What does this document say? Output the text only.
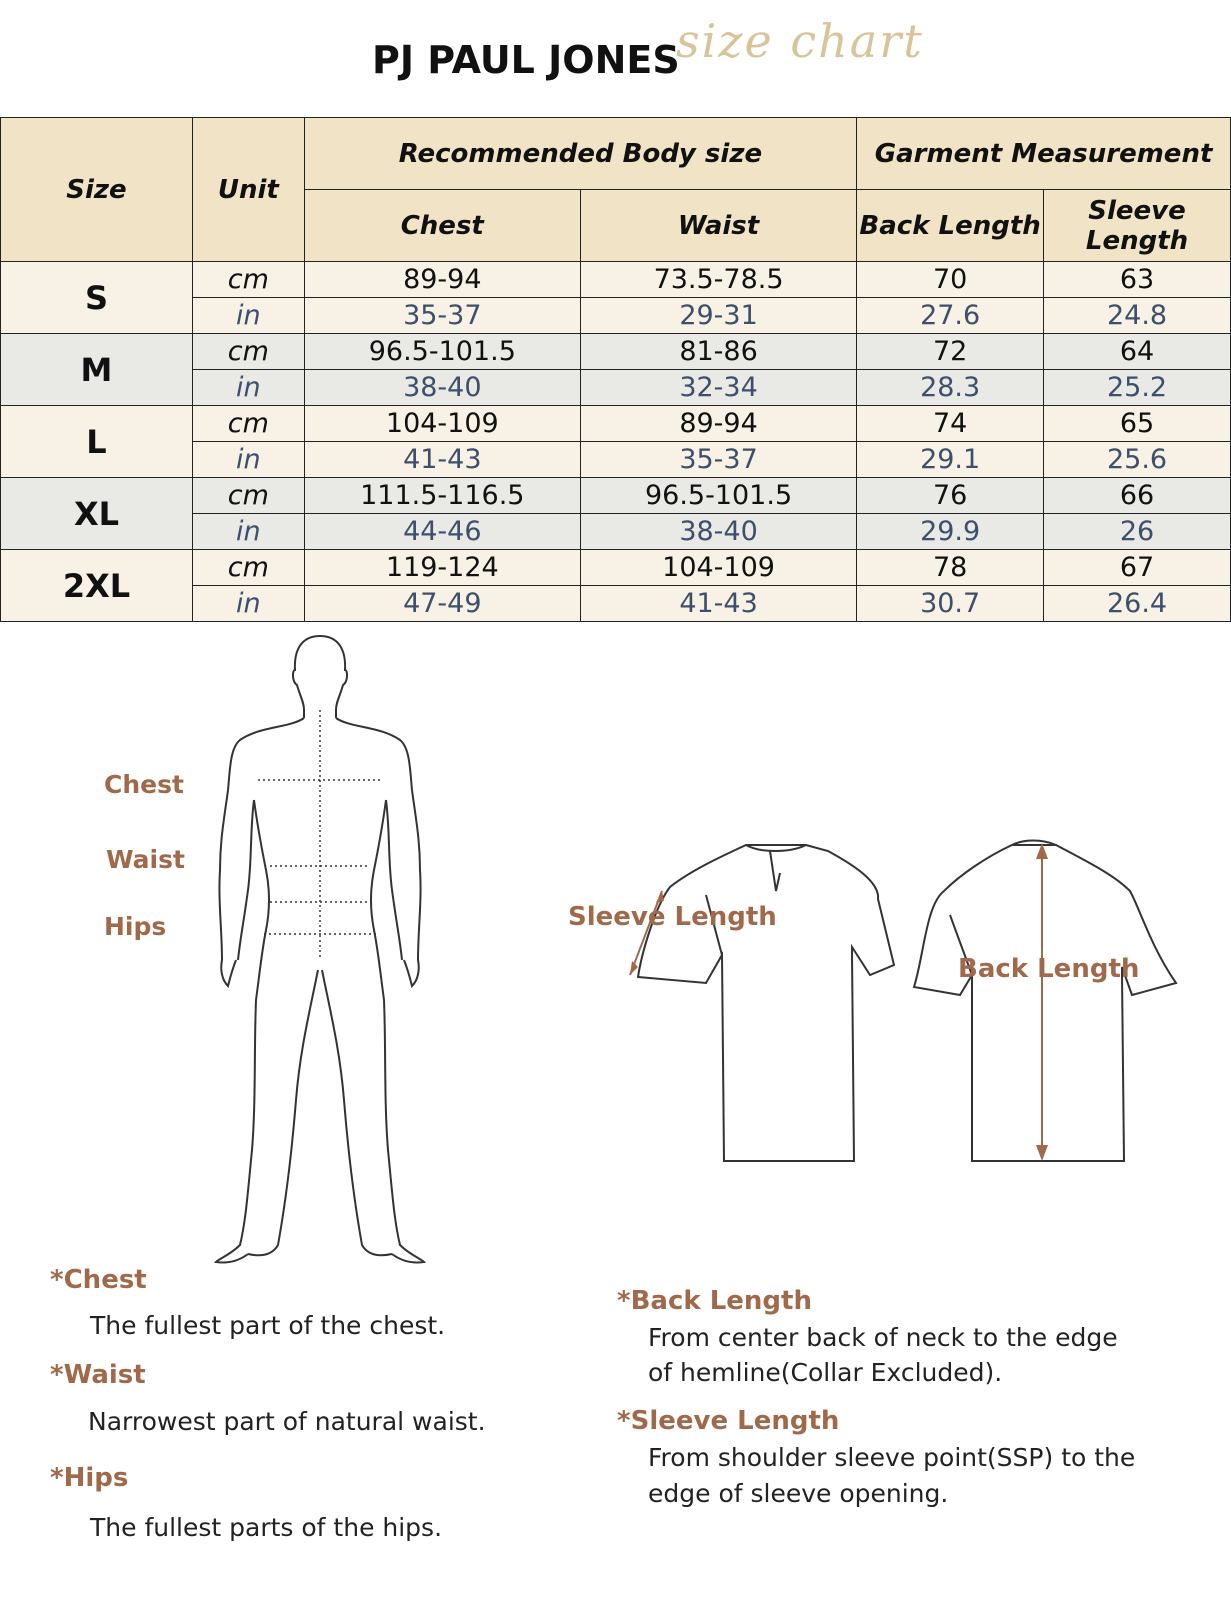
PJ PAUL JONES
size chart
Size	Unit	Recommended Body size		Garment Measurement	
		Chest	Waist	Back Length	Sleeve Length
S	cm	89-94	73.5-78.5	70	63
	in	35-37	29-31	27.6	24.8
M	cm	96.5-101.5	81-86	72	64
	in	38-40	32-34	28.3	25.2
L	cm	104-109	89-94	74	65
	in	41-43	35-37	29.1	25.6
XL	cm	111.5-116.5	96.5-101.5	76	66
	in	44-46	38-40	29.9	26
2XL	cm	119-124	104-109	78	67
	in	47-49	41-43	30.7	26.4
Chest
Waist
Hips	Sleeve Length
Back Length
*Chest
The fullest part of the chest.
*Waist
Narrowest part of natural waist.
*Hips
The fullest parts of the hips.
*Back Length
From center back of neck to the edge
of hemline(Collar Excluded).
*Sleeve Length
From shoulder sleeve point(SSP) to the
edge of sleeve opening.
